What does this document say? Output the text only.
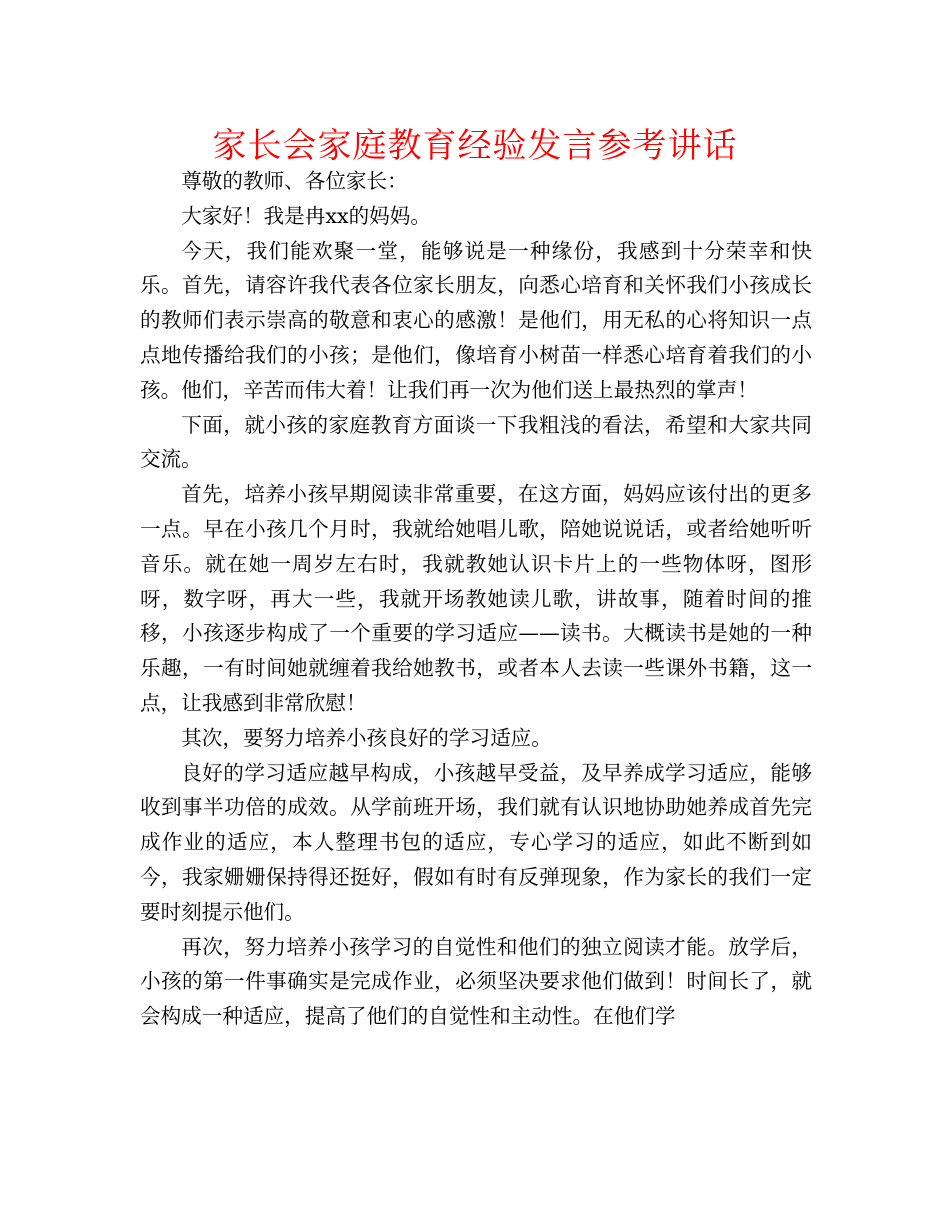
家长会家庭教育经验发言参考讲话

尊敬的教师、各位家长：

大家好！我是冉xx的妈妈。

今天，我们能欢聚一堂，能够说是一种缘份，我感到十分荣幸和快乐。首先，请容许我代表各位家长朋友，向悉心培育和关怀我们小孩成长的教师们表示崇高的敬意和衷心的感激！是他们，用无私的心将知识一点点地传播给我们的小孩；是他们，像培育小树苗一样悉心培育着我们的小孩。他们，辛苦而伟大着！让我们再一次为他们送上最热烈的掌声！

下面，就小孩的家庭教育方面谈一下我粗浅的看法，希望和大家共同交流。

首先，培养小孩早期阅读非常重要，在这方面，妈妈应该付出的更多一点。早在小孩几个月时，我就给她唱儿歌，陪她说说话，或者给她听听音乐。就在她一周岁左右时，我就教她认识卡片上的一些物体呀，图形呀，数字呀，再大一些，我就开场教她读儿歌，讲故事，随着时间的推移，小孩逐步构成了一个重要的学习适应——读书。大概读书是她的一种乐趣，一有时间她就缠着我给她教书，或者本人去读一些课外书籍，这一点，让我感到非常欣慰！

其次，要努力培养小孩良好的学习适应。

良好的学习适应越早构成，小孩越早受益，及早养成学习适应，能够收到事半功倍的成效。从学前班开场，我们就有认识地协助她养成首先完成作业的适应，本人整理书包的适应，专心学习的适应，如此不断到如今，我家姗姗保持得还挺好，假如有时有反弹现象，作为家长的我们一定要时刻提示他们。

再次，努力培养小孩学习的自觉性和他们的独立阅读才能。放学后，小孩的第一件事确实是完成作业，必须坚决要求他们做到！时间长了，就会构成一种适应，提高了他们的自觉性和主动性。在他们学
